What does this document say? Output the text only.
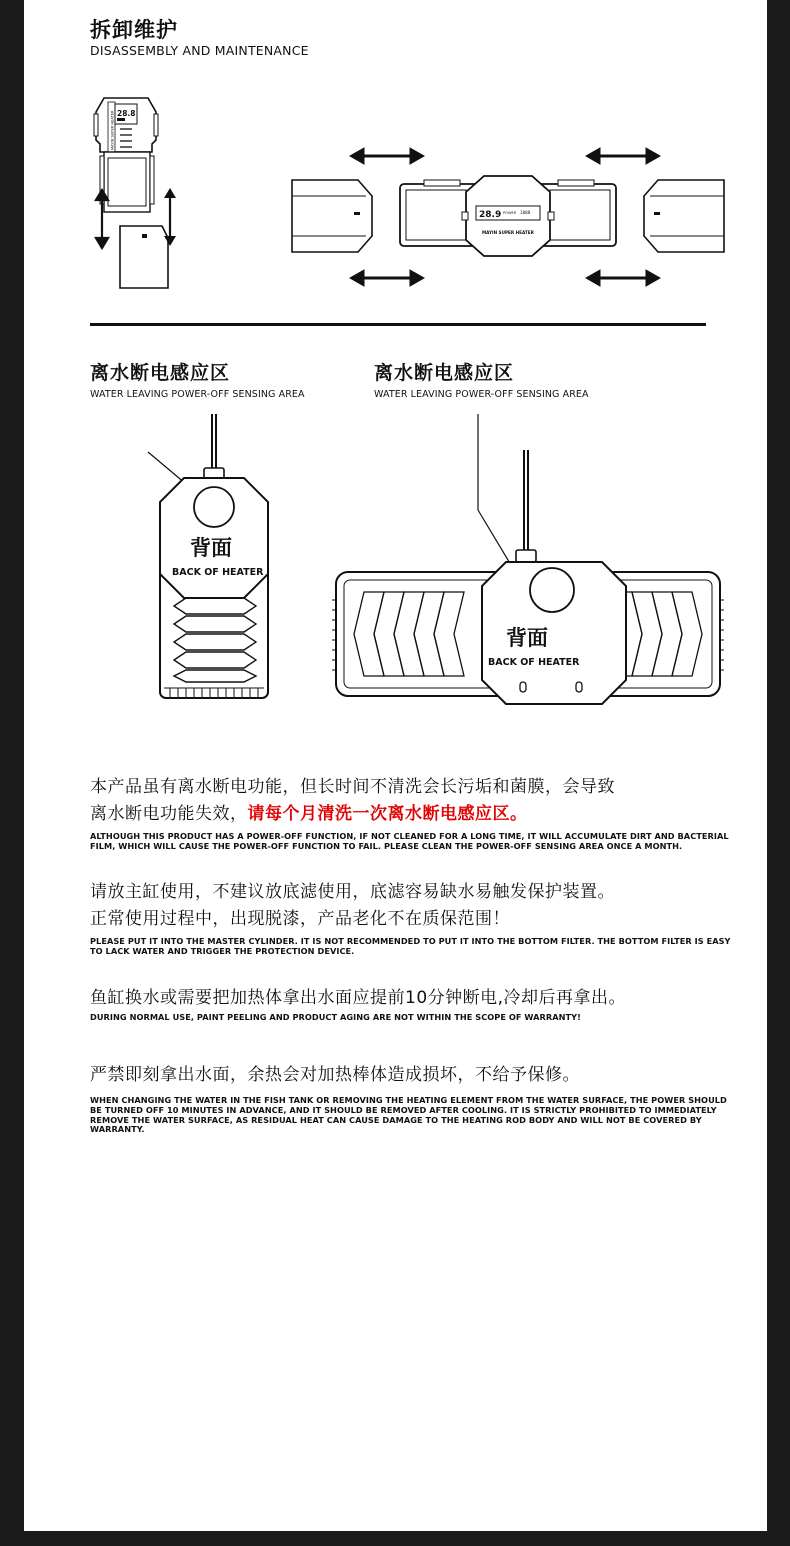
拆卸维护
DISASSEMBLY AND MAINTENANCE
MAYIN SUPER HEATER 28.8
28.9 POWER 1888
MAYIN SUPER HEATER
离水断电感应区
WATER LEAVING POWER-OFF SENSING AREA
离水断电感应区
WATER LEAVING POWER-OFF SENSING AREA
背面
BACK OF HEATER
背面
BACK OF HEATER
本产品虽有离水断电功能，但长时间不清洗会长污垢和菌膜，会导致
离水断电功能失效，请每个月清洗一次离水断电感应区。
ALTHOUGH THIS PRODUCT HAS A POWER-OFF FUNCTION, IF NOT CLEANED FOR A LONG TIME, IT WILL ACCUMULATE DIRT AND BACTERIAL FILM, WHICH WILL CAUSE THE POWER-OFF FUNCTION TO FAIL. PLEASE CLEAN THE POWER-OFF SENSING AREA ONCE A MONTH.
请放主缸使用，不建议放底滤使用，底滤容易缺水易触发保护装置。
正常使用过程中，出现脱漆，产品老化不在质保范围！
PLEASE PUT IT INTO THE MASTER CYLINDER. IT IS NOT RECOMMENDED TO PUT IT INTO THE BOTTOM FILTER. THE BOTTOM FILTER IS EASY TO LACK WATER AND TRIGGER THE PROTECTION DEVICE.
鱼缸换水或需要把加热体拿出水面应提前10分钟断电,冷却后再拿出。
DURING NORMAL USE, PAINT PEELING AND PRODUCT AGING ARE NOT WITHIN THE SCOPE OF WARRANTY!
严禁即刻拿出水面，余热会对加热棒体造成损坏，不给予保修。
WHEN CHANGING THE WATER IN THE FISH TANK OR REMOVING THE HEATING ELEMENT FROM THE WATER SURFACE, THE POWER SHOULD BE TURNED OFF 10 MINUTES IN ADVANCE, AND IT SHOULD BE REMOVED AFTER COOLING. IT IS STRICTLY PROHIBITED TO IMMEDIATELY REMOVE THE WATER SURFACE, AS RESIDUAL HEAT CAN CAUSE DAMAGE TO THE HEATING ROD BODY AND WILL NOT BE COVERED BY WARRANTY.
